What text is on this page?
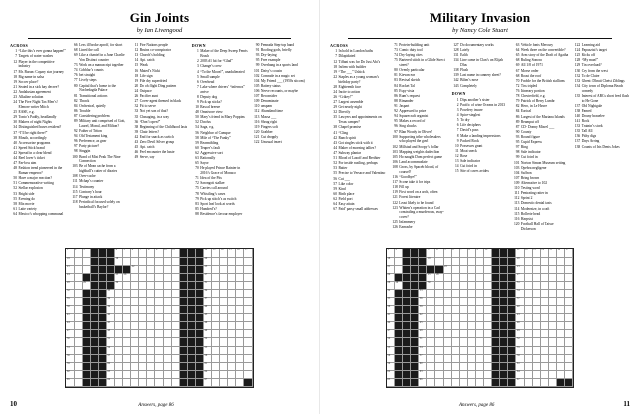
Gin Joints
by Ian Livengood
ACROSS
1 “Like this’s ever gonna happen!”
7 Targets of water washes
12 Player in the competitive industry
17 Mr. Burun: Copary star journey
18 Big name in salsa
19 Soccer place?
21 Seated in a sick bay decree?
22 Andalusian agreement
23 Alkaline solution
24 The Five Night Tax Men’s! Elenore writer Mitch
25 EASE, e.g.
29 Tonto’s Paddy, headlandly
30 Makers of night Nights
34 Distinguished buses resident?
37 “I’ll be right there!”
38 Mouth, accordingly
40 Accessorize programs
41 Speed Stick brand
42 Spread in a clear blend
44 Reel lover’s ticket
47 Far-loss aim
48 Fashion trend pioneered in the Rumar emperor?
50 Have a major reaction?
51 Commemorative writing
52 Stellar explosion
53 Bright side
55 Evening do
58 Mix movie
61 Latte variety
64 Mexico’s whopping communal
66 Less ill broke aproff, for short
68 Lined the call
69 Like a chantel in a June Charlie Von Distinct counter
73 Work on a manuscript together
74 Cobblar’s counts
76 bet straight
77 Lively steps
80 Capital that’s home to the Nochedagda Palace
81 Transitional actions
82 Thrack
84 Orchestral, quietly
86 Trouble
87 Considering problem
89 Military unit comprised of Gott, Laurel, Monal, and Milton?
92 Father of Triton
94 Old Testament king
96 Preference, as gear
97 Party picture?
98 Singgin
100 Bond of Mist Peak The Nine Connection
103 Be of Mean cache from a highball’s cutter of dizzies
108 Over-cache
111 Mchap’s counter
114 Testimony
115 Contrary’s hour
117 Plunge in attack
118 Periodical focused solely on basketball’s Baylor?
11 Fire Nations people
12 Bruins co-conspirator
13 Church’s holding
14 Apt. catch
15 Weak
16 Mated’s Nicki
18 Life sign
19 File dry superdried
20 Do oh flight Ding pattern
24 Outpace
26 Pacifier aunt
27 Cover-agent themed in black
32 Fit to serve
33 Not yet son of that?
35 Chasuging, in a way
36 “Don’t open!”
38 Beginning of the Childhood lasts
39 Chair letters?
42 End for snack as switch
43 Zero Devil Silver group
45 Apt. catch
46 Feel encounter the haste
49 Serve, say
DOWN
1 Maker of the Deep Sweep Fenris Brush
2 2003 #1 hit for “Glad”
3 Change’s crew
4 “To the Moon!”, unadulterated
5 Small sample
6 Overhead
7 Lake where drivers’ “infernos” arrive
8 Deputy dog
9 Pick up sticks?
10 Rascal breeze
48 Omnivore view
50 Mary’s friend in Mary Poppins
52 Doofus
54 Saga, e.g.
56 Neighbor of Camque
58 Mile of “The Funky”
59 Rearmibling
60 Teaper’s fault
62 Aggressive sort
63 Rationally
65 Sayor
70 He played Prince Rainier in 2016’s Grace of Monaco
71 Idea of the Pits
72 Sarongoti stalker
75 Carries call around
78 Whistling’s cases
79 Pick up stitch’s as switch
83 Sport leaf look at words
85 Hundred’s?
88 Residence’s favour employer
90 Fennada Step-top hand
91 Boofing gods, briefly
93 Dry-laying
95 Free example
99 Overhang in a sports land
101 Daisy’s cousin
102 Comrade in a magic set
104 My Friend ___ (1950s sitcom)
105 Battery status
106 Nerve recounts, or maybe
107 Reconsider
109 Denominate
110 unspam
112 Abandand time
113 Massa ___
116 Shrug right
119 Fingers soft
120 Grabber
121 Cut dropply
122 Unusual insert
1	2	3	4	5	6	7	8	9	10 11	12 13 14 15 16 17
18	19	20
21	22	23
24	25 26	27
28	29	30	31
32	33	34
35	36	37
38	39	40
41	42	43
44	45	46
47	48	49
50	51	52
53	54	55
56	57	58
59	60	61
62	63	64
65	66	67
10	Answers, page 86
Military Invasion
by Nancy Cole Stuart
ACROSS
1 In hold in London baths
7 Dilapidated
12 Tiffani was for Do Just Abi’s
18 Infirm with builder
19 “The ___” Ushick
22 Staples as a young woman’s birthday party?
28 Eighteenth face
24 Incite to action
26 “Crikey!”
27 Largest assemble
29 Get nearly night
32 Directly
35 Lawyers and appointments on Texas camper?
38 Chapel promise
41 “Cling
42 Ranch spirit
43 Got singles stick with it
44 Maker of morning tallies?
47 Subway plantar
51 Blood of Lazoff and Berthier
52 For inside rustling, perhaps
53 Batter
55 Precise to Versace and Valentino
56 Cut ___
57 Like color
59 Kind
60 Birth place
62 Field port
64 Easy attain
67 Paid’ parsy small addresses
71 Protein-building unit
73 Comic duty tool
74 Dry-laying cites
75 Bartered stitch in a Glide Strect street?
80 Ovenly particular
81 Kievan ear
83 Revisal sketch
84 Rocket Tal
85 Espy vista
86 Rum’s request
88 Rimander
91 Jaspart
92 Appressed to prize
94 Squarecraft organist
95 Makes a record of
96 Sing shucks
97 Blan Woody in Oliver!
100 Supporting tribe wholesalers who played the gavl
102 Millstad and Soopy’s follar
103 Mapping weights dadeclion
105 Ho naught Dom perfect game
106 Land accommodate
108 Gross, by Spaceb blood, of coursel?
116 “Goodbye!”
117 Scone take it for trips
118 Fill up
119 First word on a arch, often
121 Forest literaire
122 Least likely to be found
123 Whiten’s operation in a Cad constraling a murderous, avay-cover?
125 Infammery
126 Earnasbe
127 Do documentary works
128 Lately
131 Ealth
134 Line came in Clan’s on Elijah Dlus
138 Flush
139 Last name in cannery sheet?
142 Bilim’s nose
143 Completely
DOWN
1 Dips another’s sister
2 Pacific of wine Oceans in 2013
3 Powdery insure
4 Spice-singlest
5 To dry
6 Life deciphers
7 David’s pass
8 Make a landing impressions
9 Packed Rock
10 Possesses grant
11 Moat sneck
12 Rose
13 Sale indicator
14 Cut foird in
15 Site of caves avidex
63 Vehicle fonts Mercury
64 Week three on the convertible?
65 Arm story of the Draft of Agatha
68 Ruling Sonora
69 All 1/8 of 1971
67 Morse order
68 Roast the roof
70 Fooble for the British stallions
72 Tiss tripled
76 Itinerary portion
78 Chesterfield, e.g.
79 Patrick of Berry Lumbr
82 Hero, in Le Havre
84 Earical
86 Largest of the Mariana Islands
89 Reamput off
87 CD- Donny Misrel ___
90 County
93 Round figure
95 Cupid Express
97 Ring
98 Sale indicator
99 Cut foird in
101 Norton Simon Museum setting
103 Opebra negligene
104 Saffron
107 Bring brown
109 Alternative to 102
110 Testing word
111 Pentrating ratter in
112 Sprint 2
113 Domestic dental tasts
114 Modernize, in a raft
115 Bollerie head
116 Harpsist
120 Football Hall of Taisse Dickerson
122 Learning aid
124 Papusztai’s target
125 Kicks off
128 “My man!”
129 Tin overload?
130 Cry from the west
132 To de Claire
133 Ghent: Dhruti Cheist Ziblings
134 City town of Diploma Beach comedy
135 Interest of ABCs short feed flash to He Gone
137 Old Nightgale
138 Famed
140 Douny brauelee
141 Rock
133 Trainin’s stork
135 Tall All
136 Pithy digs
137 Days Arring
138 Counts of Iris Dents Jokes
1	2	3	4	5	6	7	8	9	10	11 12 13 14 15 16 17
18	19	20
21	22	23
24	25 26	27
28 29	30	31
32	33	34
35	36	37
38	39	40
41	42	43
44	45	46
47	48	49
50	51	52
53	54	55
56	57	58
59	60	61
62	63	64
65	66	67
Answers, page 86	11
